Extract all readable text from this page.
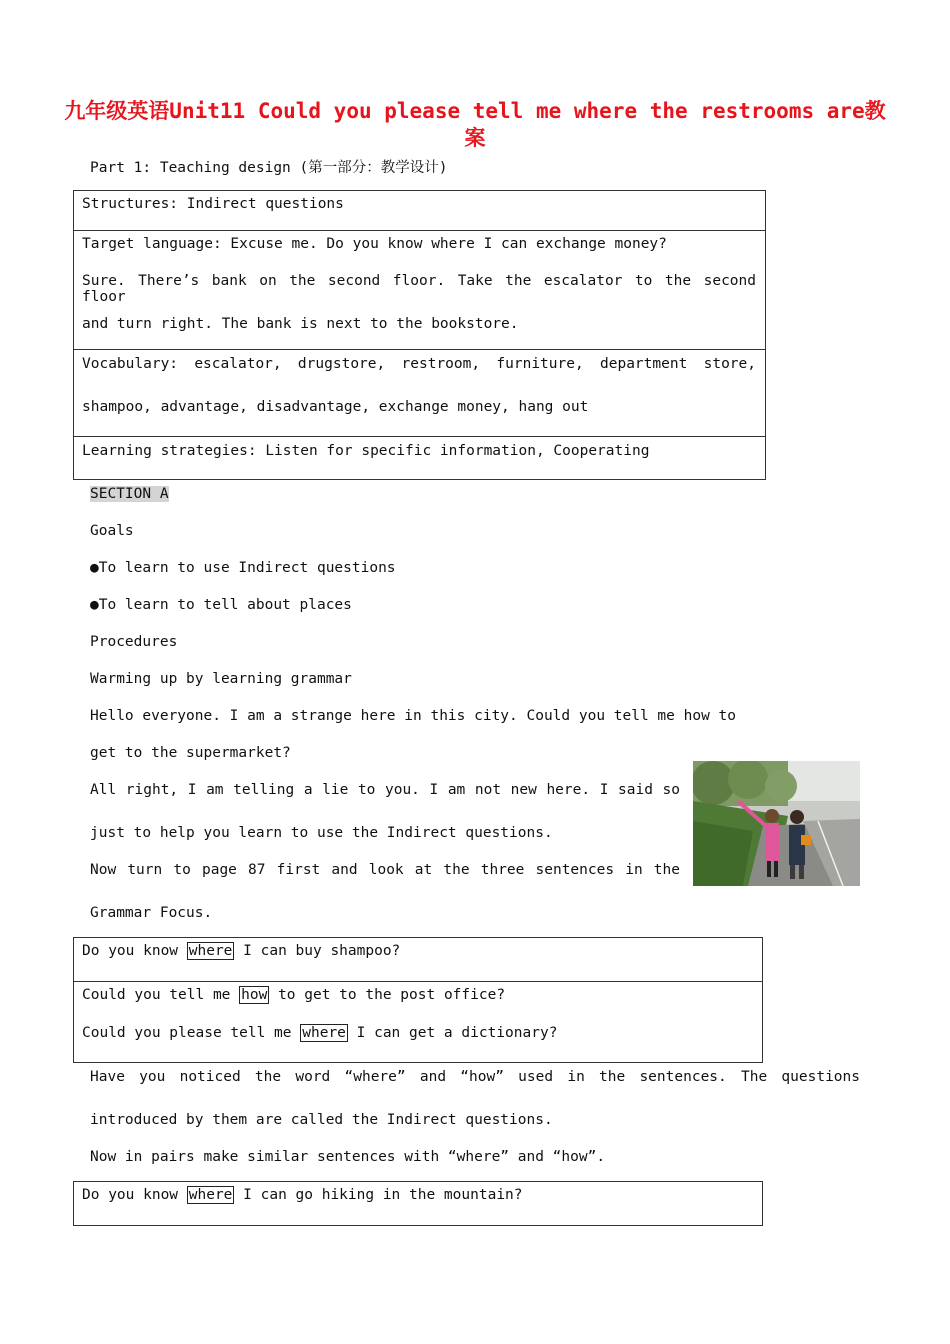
九年级英语Unit11 Could you please tell me where the restrooms are教案
Part 1: Teaching design (第一部分：教学设计)
Structures: Indirect questions
Target language: Excuse me. Do you know where I can exchange money?
Sure. There’s bank on the second floor. Take the escalator to the second floor
and turn right. The bank is next to the bookstore.
Vocabulary: escalator, drugstore, restroom, furniture, department store,
shampoo, advantage, disadvantage, exchange money, hang out
Learning strategies: Listen for specific information, Cooperating
SECTION A
Goals
●To learn to use Indirect questions
●To learn to tell about places
Procedures
Warming up by learning grammar
Hello everyone. I am a strange here in this city. Could you tell me how to
get to the supermarket?
All right, I am telling a lie to you. I am not new here. I said so
just to help you learn to use the Indirect questions.
Now turn to page 87 first and look at the three sentences in the
Grammar Focus.
Do you know where I can buy shampoo?
Could you tell me how to get to the post office?
Could you please tell me where I can get a dictionary?
Have you noticed the word “where” and “how” used in the sentences. The questions
introduced by them are called the Indirect questions.
Now in pairs make similar sentences with “where” and “how”.
Do you know where I can go hiking in the mountain?
